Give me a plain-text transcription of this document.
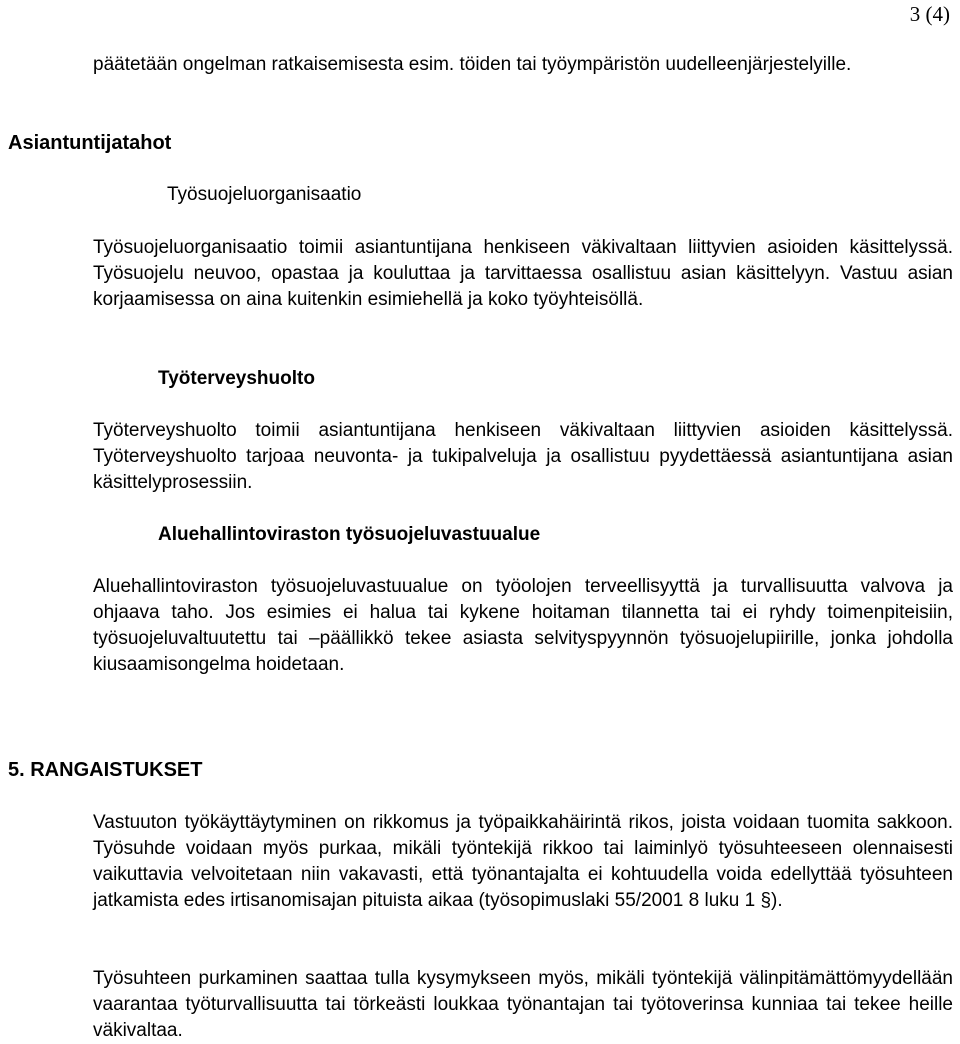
3 (4)

päätetään ongelman ratkaisemisesta esim. töiden tai työympäristön uudelleenjärjestelyille.

Asiantuntijatahot
Työsuojeluorganisaatio

Työsuojeluorganisaatio toimii asiantuntijana henkiseen väkivaltaan liittyvien asioiden käsittelyssä. Työsuojelu neuvoo, opastaa ja kouluttaa ja tarvittaessa osallistuu asian käsittelyyn. Vastuu asian korjaamisessa on aina kuitenkin esimiehellä ja koko työyhteisöllä.

Työterveyshuolto

Työterveyshuolto toimii asiantuntijana henkiseen väkivaltaan liittyvien asioiden käsittelyssä. Työterveyshuolto tarjoaa neuvonta- ja tukipalveluja ja osallistuu pyydettäessä asiantuntijana asian käsittelyprosessiin.

Aluehallintoviraston työsuojeluvastuualue

Aluehallintoviraston työsuojeluvastuualue on työolojen terveellisyyttä ja turvallisuutta valvova ja ohjaava taho. Jos esimies ei halua tai kykene hoitaman tilannetta tai ei ryhdy toimenpiteisiin, työsuojeluvaltuutettu tai –päällikkö tekee asiasta selvityspyynnön työsuojelupiirille, jonka johdolla kiusaamisongelma hoidetaan.

5. RANGAISTUKSET

Vastuuton työkäyttäytyminen on rikkomus ja työpaikkahäirintä rikos, joista voidaan tuomita sakkoon. Työsuhde voidaan myös purkaa, mikäli työntekijä rikkoo tai laiminlyö työsuhteeseen olennaisesti vaikuttavia velvoitetaan niin vakavasti, että työnantajalta ei kohtuudella voida edellyttää työsuhteen jatkamista edes irtisanomisajan pituista aikaa (työsopimuslaki 55/2001 8 luku 1 §).

Työsuhteen purkaminen saattaa tulla kysymykseen myös, mikäli työntekijä välinpitämättömyydellään vaarantaa työturvallisuutta tai törkeästi loukkaa työnantajan tai työtoverinsa kunniaa tai tekee heille väkivaltaa.
